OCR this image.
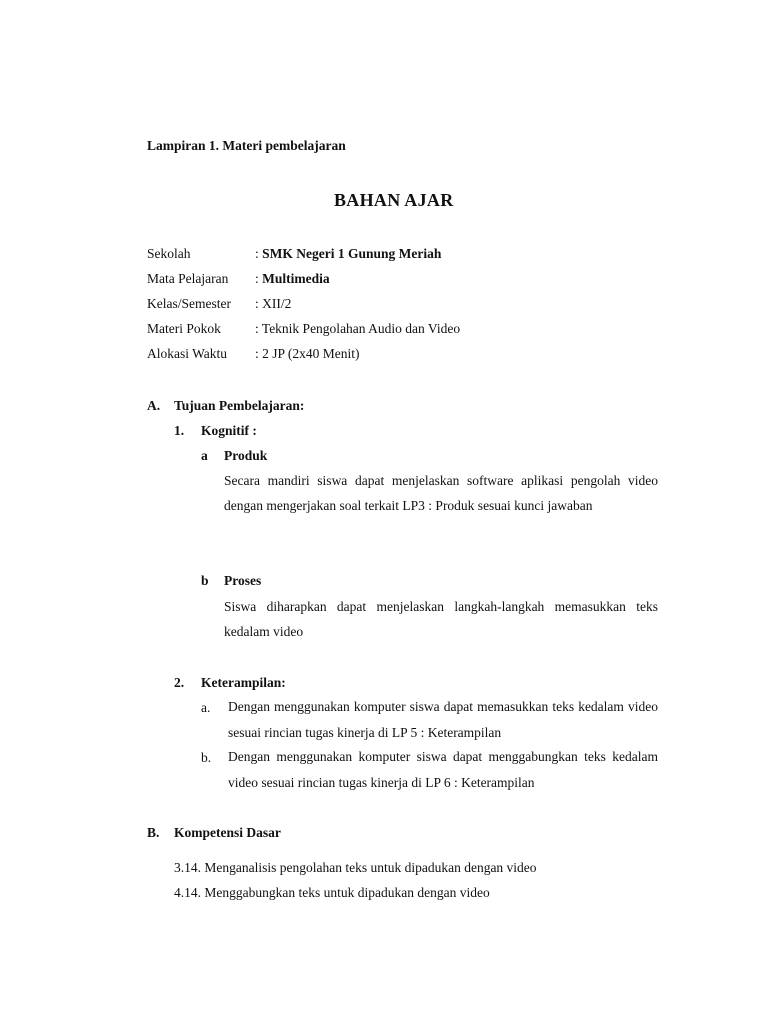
Lampiran 1. Materi pembelajaran
BAHAN AJAR
Sekolah	: SMK Negeri 1 Gunung Meriah
Mata Pelajaran : Multimedia
Kelas/Semester : XII/2
Materi Pokok	: Teknik Pengolahan Audio dan Video
Alokasi Waktu : 2 JP (2x40 Menit)
A. Tujuan Pembelajaran:
1. Kognitif :
a Produk
Secara mandiri siswa dapat menjelaskan software aplikasi pengolah video dengan mengerjakan soal terkait LP3 : Produk sesuai kunci jawaban
b Proses
Siswa diharapkan dapat menjelaskan langkah-langkah memasukkan teks kedalam video
2. Keterampilan:
a. Dengan menggunakan komputer siswa dapat memasukkan teks kedalam video sesuai rincian tugas kinerja di LP 5 : Keterampilan
b. Dengan menggunakan komputer siswa dapat menggabungkan teks kedalam video sesuai rincian tugas kinerja di LP 6 : Keterampilan
B. Kompetensi Dasar
3.14. Menganalisis pengolahan teks untuk dipadukan dengan video
4.14. Menggabungkan teks untuk dipadukan dengan video
